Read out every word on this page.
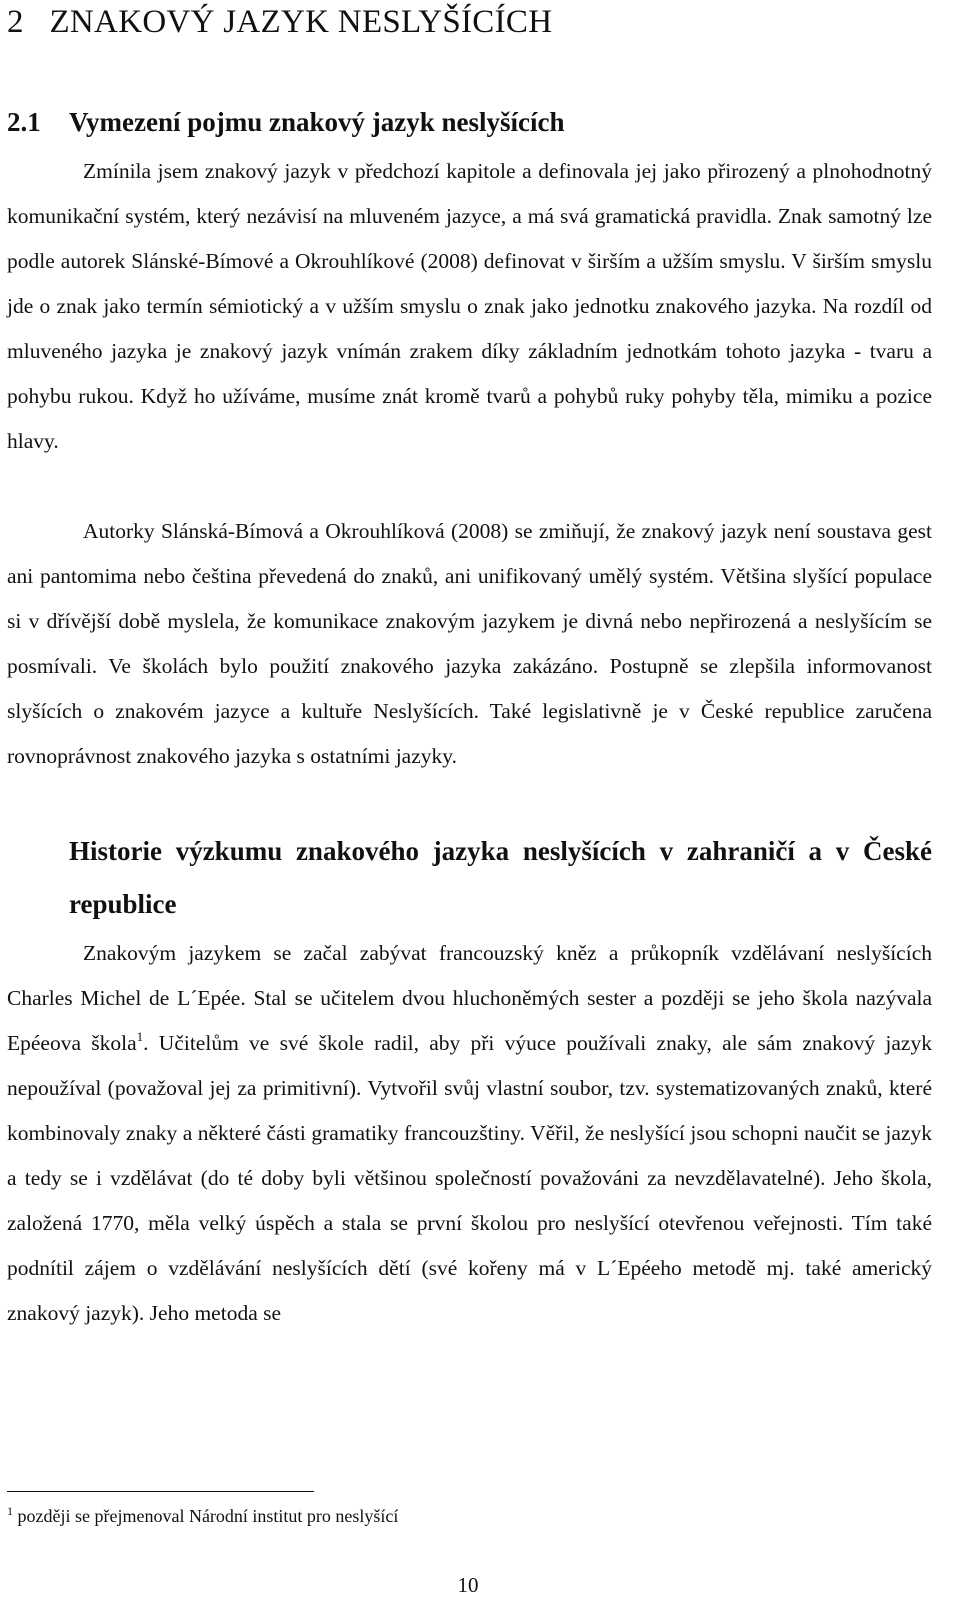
2 ZNAKOVÝ JAZYK NESLYŠÍCÍCH
2.1 Vymezení pojmu znakový jazyk neslyšících

Zmínila jsem znakový jazyk v předchozí kapitole a definovala jej jako přirozený a plnohodnotný komunikační systém, který nezávisí na mluveném jazyce, a má svá gramatická pravidla. Znak samotný lze podle autorek Slánské-Bímové a Okrouhlíkové (2008) definovat v širším a užším smyslu. V širším smyslu jde o znak jako termín sémiotický a v užším smyslu o znak jako jednotku znakového jazyka. Na rozdíl od mluveného jazyka je znakový jazyk vnímán zrakem díky základním jednotkám tohoto jazyka - tvaru a pohybu rukou. Když ho užíváme, musíme znát kromě tvarů a pohybů ruky pohyby těla, mimiku a pozice hlavy.

Autorky Slánská-Bímová a Okrouhlíková (2008) se zmiňují, že znakový jazyk není soustava gest ani pantomima nebo čeština převedená do znaků, ani unifikovaný umělý systém. Většina slyšící populace si v dřívější době myslela, že komunikace znakovým jazykem je divná nebo nepřirozená a neslyšícím se posmívali. Ve školách bylo použití znakového jazyka zakázáno. Postupně se zlepšila informovanost slyšících o znakovém jazyce a kultuře Neslyšících. Také legislativně je v České republice zaručena rovnoprávnost znakového jazyka s ostatními jazyky.

Historie výzkumu znakového jazyka neslyšících v zahraničí a v České republice

Znakovým jazykem se začal zabývat francouzský kněz a průkopník vzdělávaní neslyšících Charles Michel de L´Epée. Stal se učitelem dvou hluchoněmých sester a později se jeho škola nazývala Epéeova škola$^1$. Učitelům ve své škole radil, aby při výuce používali znaky, ale sám znakový jazyk nepoužíval (považoval jej za primitivní). Vytvořil svůj vlastní soubor, tzv. systematizovaných znaků, které kombinovaly znaky a některé části gramatiky francouzštiny. Věřil, že neslyšící jsou schopni naučit se jazyk a tedy se i vzdělávat (do té doby byli většinou společností považováni za nevzdělavatelné). Jeho škola, založená 1770, měla velký úspěch a stala se první školou pro neslyšící otevřenou veřejnosti. Tím také podnítil zájem o vzdělávání neslyšících dětí (své kořeny má v L´Epéeho metodě mj. také americký znakový jazyk). Jeho metoda se

$^1$ později se přejmenoval Národní institut pro neslyšící
10
